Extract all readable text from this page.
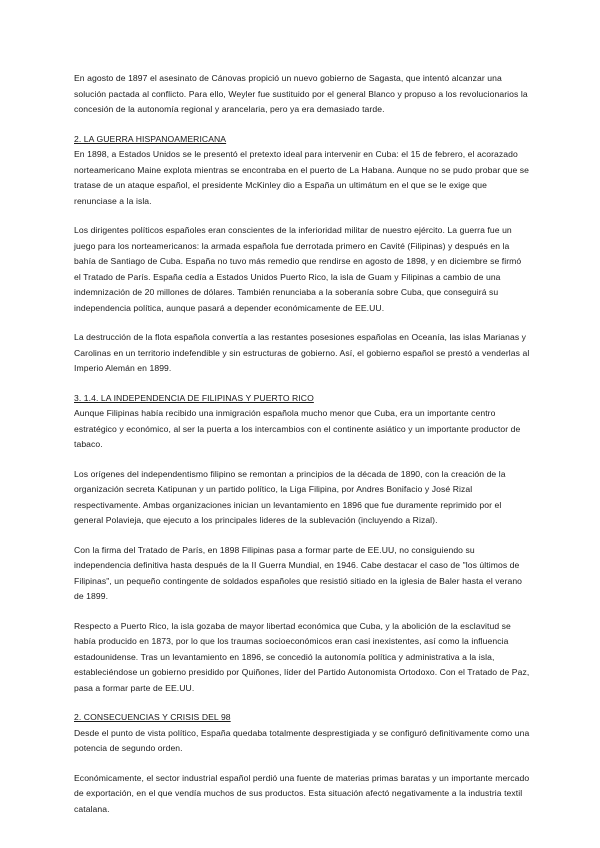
En agosto de 1897 el asesinato de Cánovas propició un nuevo gobierno de Sagasta, que intentó alcanzar una solución pactada al conflicto. Para ello, Weyler fue sustituido por el general Blanco y propuso a los revolucionarios la concesión de la autonomía regional y arancelaria, pero ya era demasiado tarde.

2. LA GUERRA HISPANOAMERICANA

En 1898, a Estados Unidos se le presentó el pretexto ideal para intervenir en Cuba: el 15 de febrero, el acorazado norteamericano Maine explota mientras se encontraba en el puerto de La Habana. Aunque no se pudo probar que se tratase de un ataque español, el presidente McKinley dio a España un ultimátum en el que se le exige que renunciase a la isla.

Los dirigentes políticos españoles eran conscientes de la inferioridad militar de nuestro ejército. La guerra fue un juego para los norteamericanos: la armada española fue derrotada primero en Cavité (Filipinas) y después en la bahía de Santiago de Cuba. España no tuvo más remedio que rendirse en agosto de 1898, y en diciembre se firmó el Tratado de París. España cedía a Estados Unidos Puerto Rico, la isla de Guam y Filipinas a cambio de una indemnización de 20 millones de dólares. También renunciaba a la soberanía sobre Cuba, que conseguirá su independencia política, aunque pasará a depender económicamente de EE.UU.

La destrucción de la flota española convertía a las restantes posesiones españolas en Oceanía, las islas Marianas y Carolinas en un territorio indefendible y sin estructuras de gobierno. Así, el gobierno español se prestó a venderlas al Imperio Alemán en 1899.

3. 1.4. LA INDEPENDENCIA DE FILIPINAS Y PUERTO RICO

Aunque Filipinas había recibido una inmigración española mucho menor que Cuba, era un importante centro estratégico y económico, al ser la puerta a los intercambios con el continente asiático y un importante productor de tabaco.

Los orígenes del independentismo filipino se remontan a principios de la década de 1890, con la creación de la organización secreta Katipunan y un partido político, la Liga Filipina, por Andres Bonifacio y José Rizal respectivamente. Ambas organizaciones inician un levantamiento en 1896 que fue duramente reprimido por el general Polavieja, que ejecuto a los principales lideres de la sublevación (incluyendo a Rizal).

Con la firma del Tratado de París, en 1898 Filipinas pasa a formar parte de EE.UU, no consiguiendo su independencia definitiva hasta después de la II Guerra Mundial, en 1946. Cabe destacar el caso de "los últimos de Filipinas", un pequeño contingente de soldados españoles que resistió sitiado en la iglesia de Baler hasta el verano de 1899.

Respecto a Puerto Rico, la isla gozaba de mayor libertad económica que Cuba, y la abolición de la esclavitud se había producido en 1873, por lo que los traumas socioeconómicos eran casi inexistentes, así como la influencia estadounidense. Tras un levantamiento en 1896, se concedió la autonomía política y administrativa a la isla, estableciéndose un gobierno presidido por Quiñones, líder del Partido Autonomista Ortodoxo. Con el Tratado de Paz, pasa a formar parte de EE.UU.

2. CONSECUENCIAS Y CRISIS DEL 98

Desde el punto de vista político, España quedaba totalmente desprestigiada y se configuró definitivamente como una potencia de segundo orden.

Económicamente, el sector industrial español perdió una fuente de materias primas baratas y un importante mercado de exportación, en el que vendía muchos de sus productos. Esta situación afectó negativamente a la industria textil catalana.
